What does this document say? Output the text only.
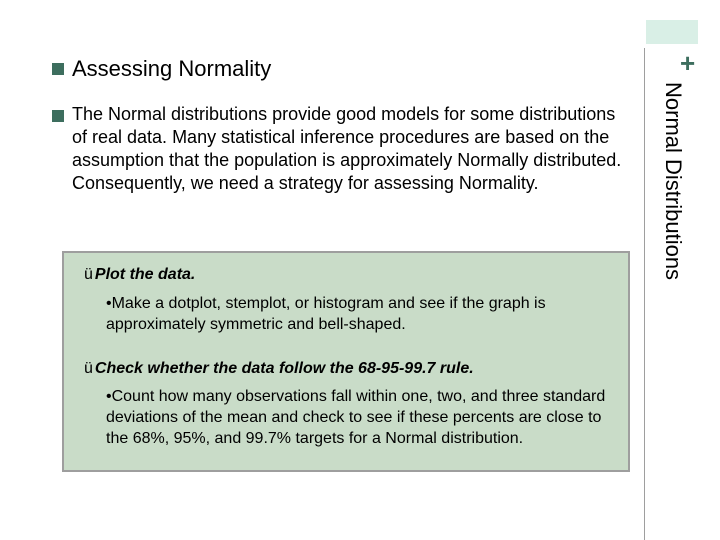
+
Normal Distributions
Assessing Normality
The Normal distributions provide good models for some distributions of real data. Many statistical inference procedures are based on the assumption that the population is approximately Normally distributed. Consequently, we need a strategy for assessing Normality.
ü Plot the data.
•Make a dotplot, stemplot, or histogram and see if the graph is approximately symmetric and bell-shaped.
ü Check whether the data follow the 68-95-99.7 rule.
•Count how many observations fall within one, two, and three standard deviations of the mean and check to see if these percents are close to the 68%, 95%, and 99.7% targets for a Normal distribution.
